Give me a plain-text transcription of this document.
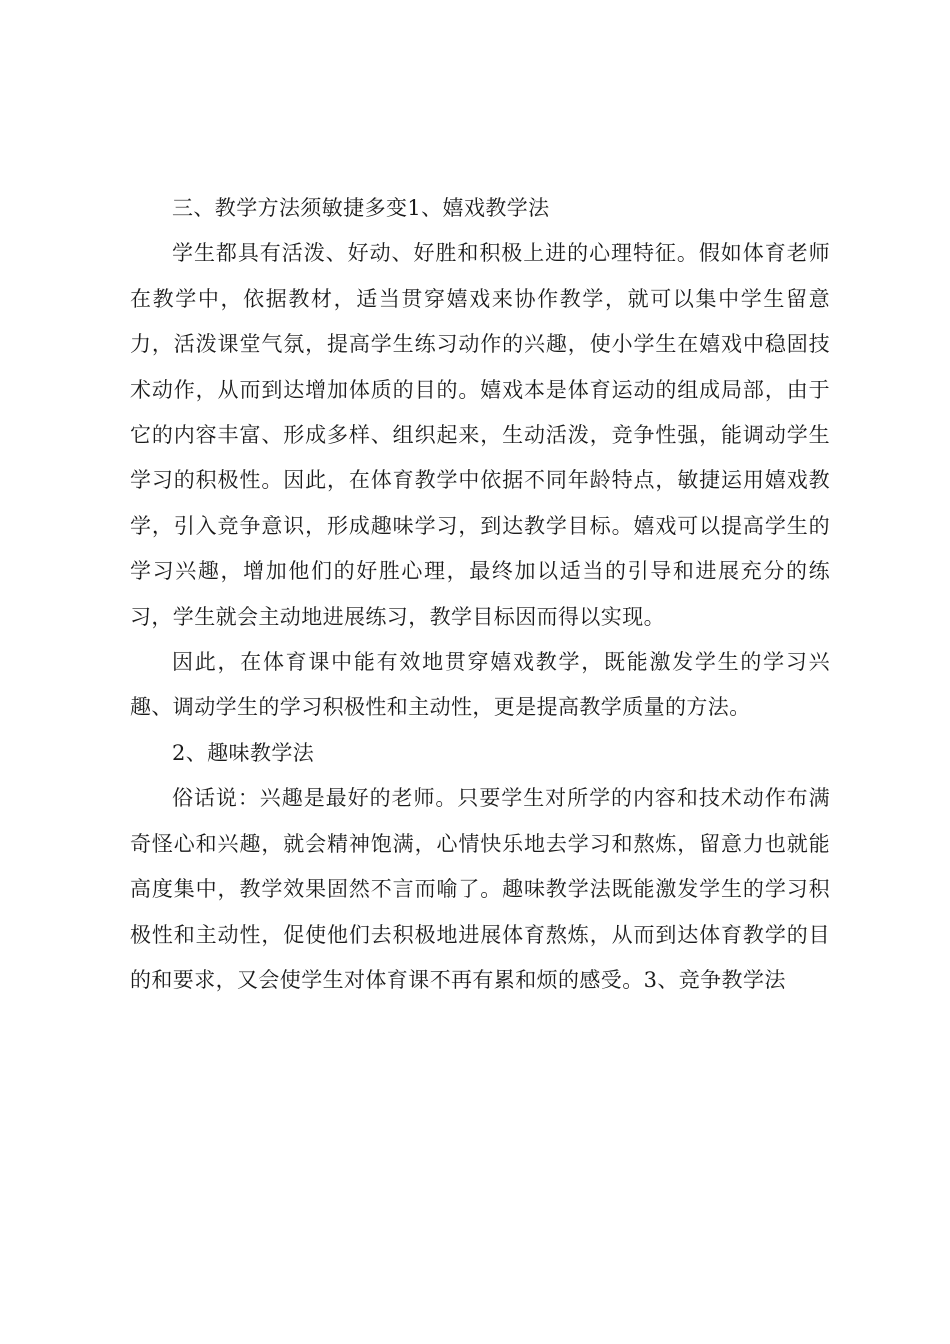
三、教学方法须敏捷多变1、嬉戏教学法

学生都具有活泼、好动、好胜和积极上进的心理特征。假如体育老师在教学中，依据教材，适当贯穿嬉戏来协作教学，就可以集中学生留意力，活泼课堂气氛，提高学生练习动作的兴趣，使小学生在嬉戏中稳固技术动作，从而到达增加体质的目的。嬉戏本是体育运动的组成局部，由于它的内容丰富、形成多样、组织起来，生动活泼，竞争性强，能调动学生学习的积极性。因此，在体育教学中依据不同年龄特点，敏捷运用嬉戏教学，引入竞争意识，形成趣味学习，到达教学目标。嬉戏可以提高学生的学习兴趣，增加他们的好胜心理，最终加以适当的引导和进展充分的练习，学生就会主动地进展练习，教学目标因而得以实现。

因此，在体育课中能有效地贯穿嬉戏教学，既能激发学生的学习兴趣、调动学生的学习积极性和主动性，更是提高教学质量的方法。

2、趣味教学法

俗话说：兴趣是最好的老师。只要学生对所学的内容和技术动作布满奇怪心和兴趣，就会精神饱满，心情快乐地去学习和熬炼，留意力也就能高度集中，教学效果固然不言而喻了。趣味教学法既能激发学生的学习积极性和主动性，促使他们去积极地进展体育熬炼，从而到达体育教学的目的和要求，又会使学生对体育课不再有累和烦的感受。3、竞争教学法
